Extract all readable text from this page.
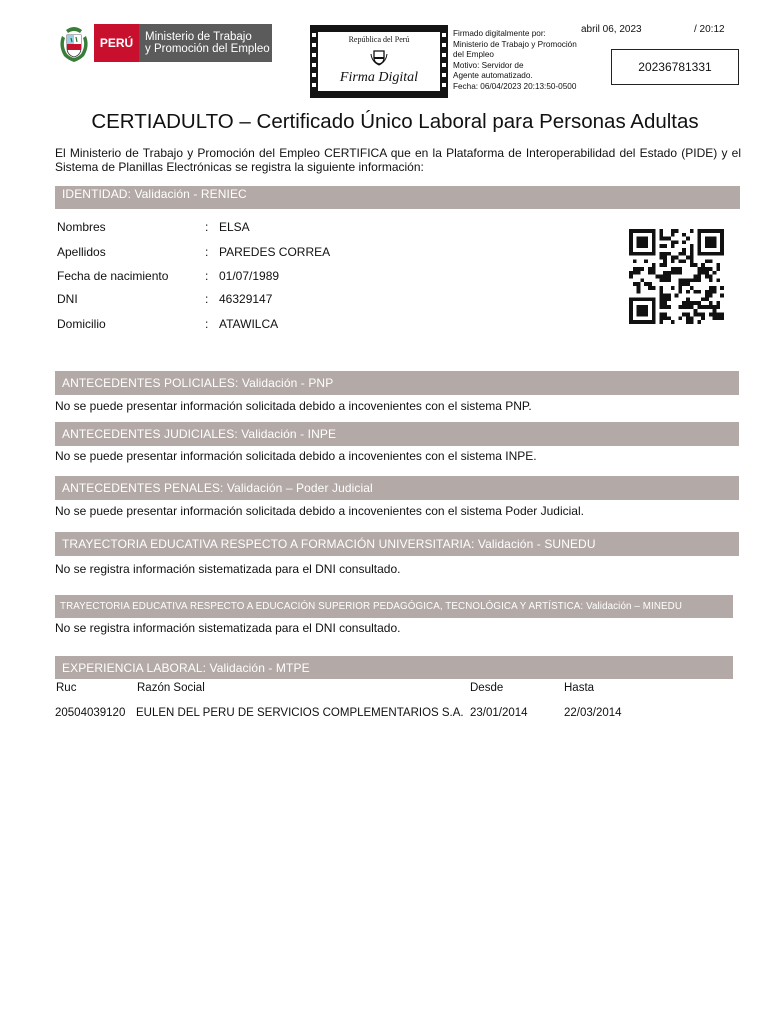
PERÚ	Ministerio de Trabajo
y Promoción del Empleo
República del Perú
Firma Digital
Firmado digitalmente por:
Ministerio de Trabajo y Promoción
del Empleo
Motivo: Servidor de
Agente automatizado.
Fecha: 06/04/2023 20:13:50-0500
abril 06, 2023	/ 20:12
20236781331
CERTIADULTO – Certificado Único Laboral para Personas Adultas
El Ministerio de Trabajo y Promoción del Empleo CERTIFICA que en la Plataforma de Interoperabilidad del Estado (PIDE) y el Sistema de Planillas Electrónicas se registra la siguiente información:
IDENTIDAD: Validación - RENIEC
Nombres	: ELSA
Apellidos	: PAREDES CORREA
Fecha de nacimiento	: 01/07/1989
DNI	: 46329147
Domicilio	: ATAWILCA
ANTECEDENTES POLICIALES: Validación - PNP
No se puede presentar información solicitada debido a incovenientes con el sistema PNP.
ANTECEDENTES JUDICIALES: Validación - INPE
No se puede presentar información solicitada debido a incovenientes con el sistema INPE.
ANTECEDENTES PENALES: Validación – Poder Judicial
No se puede presentar información solicitada debido a incovenientes con el sistema Poder Judicial.
TRAYECTORIA EDUCATIVA RESPECTO A FORMACIÓN UNIVERSITARIA: Validación - SUNEDU
No se registra información sistematizada para el DNI consultado.
TRAYECTORIA EDUCATIVA RESPECTO A EDUCACIÓN SUPERIOR PEDAGÓGICA, TECNOLÓGICA Y ARTÍSTICA: Validación – MINEDU
No se registra información sistematizada para el DNI consultado.
EXPERIENCIA LABORAL: Validación - MTPE
Ruc	Razón Social	Desde	Hasta
20504039120 EULEN DEL PERU DE SERVICIOS COMPLEMENTARIOS S.A. 23/01/2014	22/03/2014
